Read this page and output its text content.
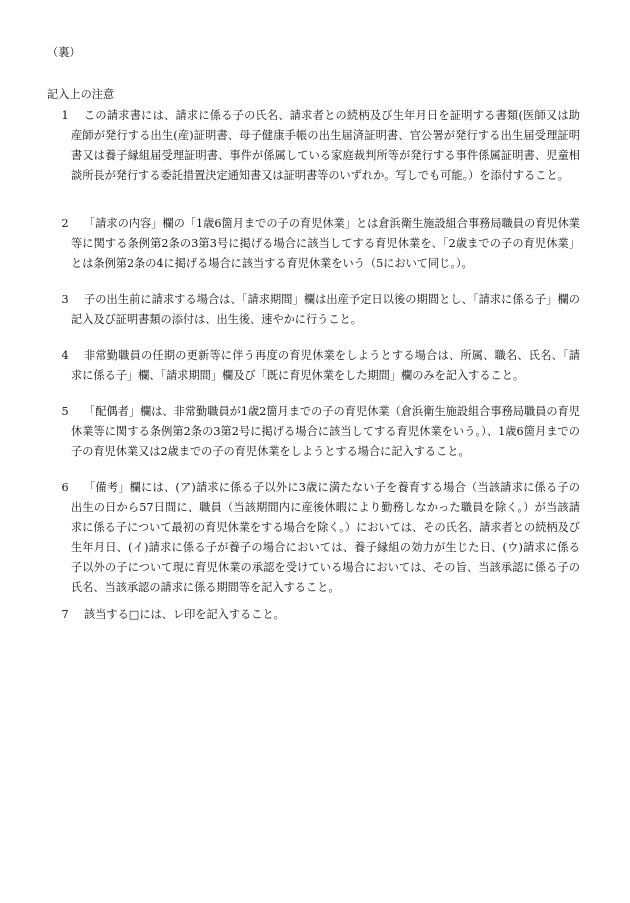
（裏）
記入上の注意
1	この請求書には、請求に係る子の氏名、請求者との続柄及び生年月日を証明する書類(医師又は助産師が発行する出生(産)証明書、母子健康手帳の出生届済証明書、官公署が発行する出生届受理証明書又は養子縁組届受理証明書、事件が係属している家庭裁判所等が発行する事件係属証明書、児童相談所長が発行する委託措置決定通知書又は証明書等のいずれか。写しでも可能。）を添付すること。
2	「請求の内容」欄の「1歳6箇月までの子の育児休業」とは倉浜衛生施設組合事務局職員の育児休業等に関する条例第2条の3第3号に掲げる場合に該当してする育児休業を、「2歳までの子の育児休業」とは条例第2条の4に掲げる場合に該当する育児休業をいう（5において同じ。）。
3	子の出生前に請求する場合は、「請求期間」欄は出産予定日以後の期間とし、「請求に係る子」欄の記入及び証明書類の添付は、出生後、速やかに行うこと。
4	非常勤職員の任期の更新等に伴う再度の育児休業をしようとする場合は、所属、職名、氏名、「請求に係る子」欄、「請求期間」欄及び「既に育児休業をした期間」欄のみを記入すること。
5	「配偶者」欄は、非常勤職員が1歳2箇月までの子の育児休業（倉浜衛生施設組合事務局職員の育児休業等に関する条例第2条の3第2号に掲げる場合に該当してする育児休業をいう。）、1歳6箇月までの子の育児休業又は2歳までの子の育児休業をしようとする場合に記入すること。
6	「備考」欄には、(ア)請求に係る子以外に3歳に満たない子を養育する場合（当該請求に係る子の出生の日から57日間に、職員（当該期間内に産後休暇により勤務しなかった職員を除く。）が当該請求に係る子について最初の育児休業をする場合を除く。）においては、その氏名、請求者との続柄及び生年月日、(イ)請求に係る子が養子の場合においては、養子縁組の効力が生じた日、(ウ)請求に係る子以外の子について現に育児休業の承認を受けている場合においては、その旨、当該承認に係る子の氏名、当該承認の請求に係る期間等を記入すること。
7	該当する□には、レ印を記入すること。
